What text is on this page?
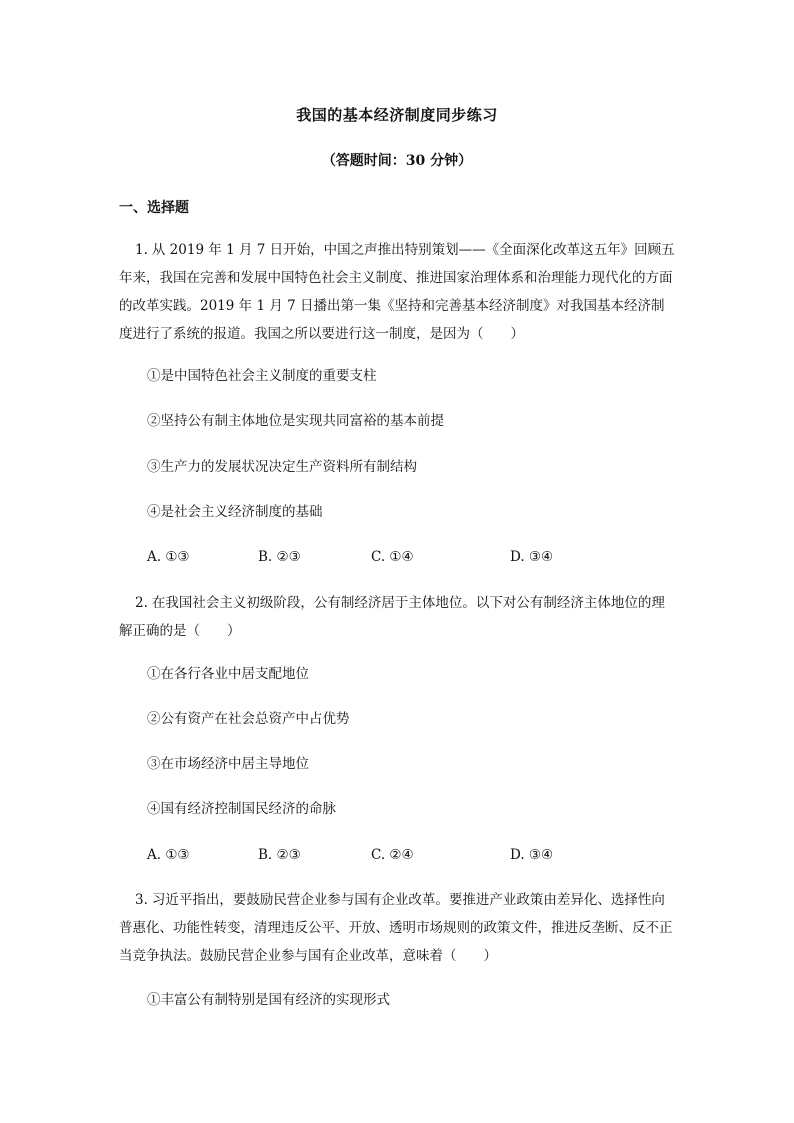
我国的基本经济制度同步练习
（答题时间：30 分钟）
一、选择题
1. 从 2019 年 1 月 7 日开始，中国之声推出特别策划——《全面深化改革这五年》回顾五年来，我国在完善和发展中国特色社会主义制度、推进国家治理体系和治理能力现代化的方面的改革实践。2019 年 1 月 7 日播出第一集《坚持和完善基本经济制度》对我国基本经济制度进行了系统的报道。我国之所以要进行这一制度，是因为（　　）
①是中国特色社会主义制度的重要支柱
②坚持公有制主体地位是实现共同富裕的基本前提
③生产力的发展状况决定生产资料所有制结构
④是社会主义经济制度的基础
A. ①③	B. ②③	C. ①④	D. ③④
2. 在我国社会主义初级阶段，公有制经济居于主体地位。以下对公有制经济主体地位的理解正确的是（　　）
①在各行各业中居支配地位
②公有资产在社会总资产中占优势
③在市场经济中居主导地位
④国有经济控制国民经济的命脉
A. ①③	B. ②③	C. ②④	D. ③④
3. 习近平指出，要鼓励民营企业参与国有企业改革。要推进产业政策由差异化、选择性向普惠化、功能性转变，清理违反公平、开放、透明市场规则的政策文件，推进反垄断、反不正当竞争执法。鼓励民营企业参与国有企业改革，意味着（　　）
①丰富公有制特别是国有经济的实现形式
